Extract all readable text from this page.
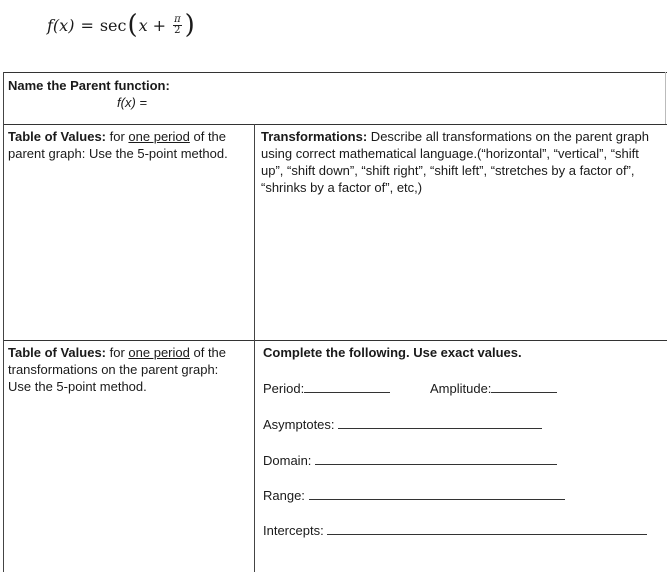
f(x) = sec ( $x + \frac{\pi}{2}$ )
Name the Parent function:
f(x) =
Table of Values: for one period of the
parent graph: Use the 5-point method.
Transformations: Describe all transformations on the parent graph using correct mathematical language.(“horizontal”, “vertical”, “shift up”, “shift down”, “shift right”, “shift left”, “stretches by a factor of”, “shrinks by a factor of”, etc,)
Table of Values: for one period of the
transformations on the parent graph:
Use the 5-point method.
Complete the following. Use exact values.
Period:	Amplitude:
Asymptotes:
Domain:
Range:
Intercepts:
